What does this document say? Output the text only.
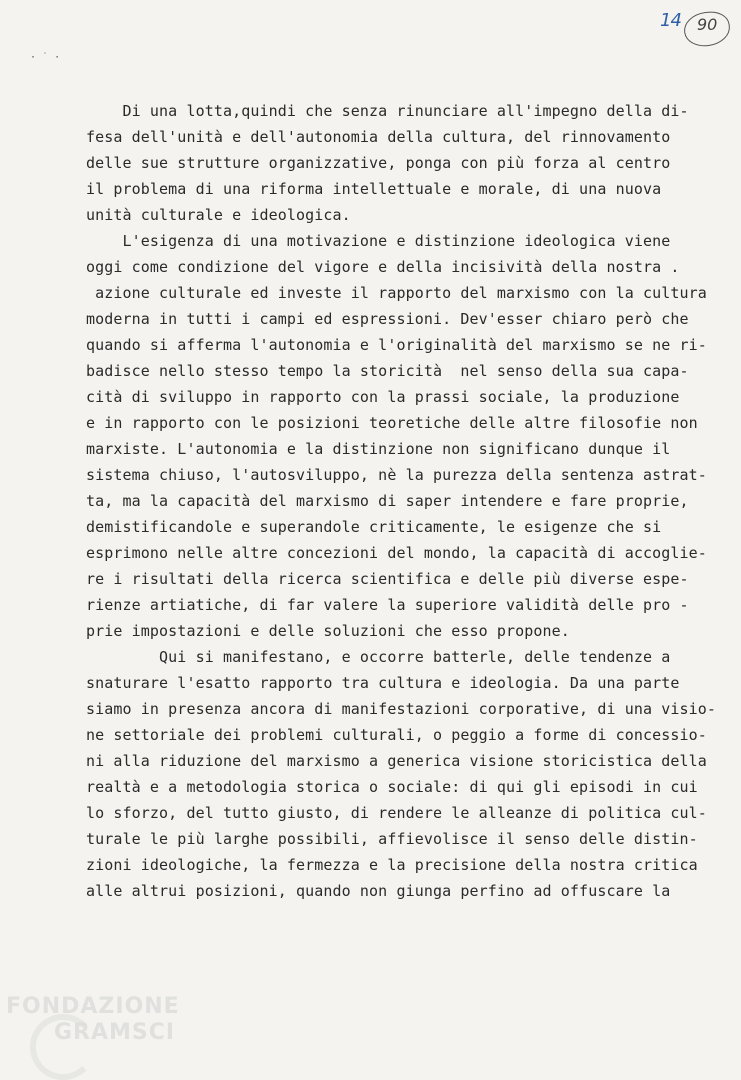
14 90
· ˙ ·
Di una lotta,quindi che senza rinunciare all'impegno della di-
fesa dell'unità e dell'autonomia della cultura, del rinnovamento
delle sue strutture organizzative, ponga con più forza al centro
il problema di una riforma intellettuale e morale, di una nuova
unità culturale e ideologica.
L'esigenza di una motivazione e distinzione ideologica viene
oggi come condizione del vigore e della incisività della nostra .
azione culturale ed investe il rapporto del marxismo con la cultura
moderna in tutti i campi ed espressioni. Dev'esser chiaro però che
quando si afferma l'autonomia e l'originalità del marxismo se ne ri-
badisce nello stesso tempo la storicità  nel senso della sua capa-
cità di sviluppo in rapporto con la prassi sociale, la produzione
e in rapporto con le posizioni teoretiche delle altre filosofie non
marxiste. L'autonomia e la distinzione non significano dunque il
sistema chiuso, l'autosviluppo, nè la purezza della sentenza astrat-
ta, ma la capacità del marxismo di saper intendere e fare proprie,
demistificandole e superandole criticamente, le esigenze che si
esprimono nelle altre concezioni del mondo, la capacità di accoglie-
re i risultati della ricerca scientifica e delle più diverse espe-
rienze artiatiche, di far valere la superiore validità delle pro -
prie impostazioni e delle soluzioni che esso propone.
Qui si manifestano, e occorre batterle, delle tendenze a
snaturare l'esatto rapporto tra cultura e ideologia. Da una parte
siamo in presenza ancora di manifestazioni corporative, di una visio-
ne settoriale dei problemi culturali, o peggio a forme di concessio-
ni alla riduzione del marxismo a generica visione storicistica della
realtà e a metodologia storica o sociale: di qui gli episodi in cui
lo sforzo, del tutto giusto, di rendere le alleanze di politica cul-
turale le più larghe possibili, affievolisce il senso delle distin-
zioni ideologiche, la fermezza e la precisione della nostra critica
alle altrui posizioni, quando non giunga perfino ad offuscare la
FONDAZIONE
GRAMSCI
